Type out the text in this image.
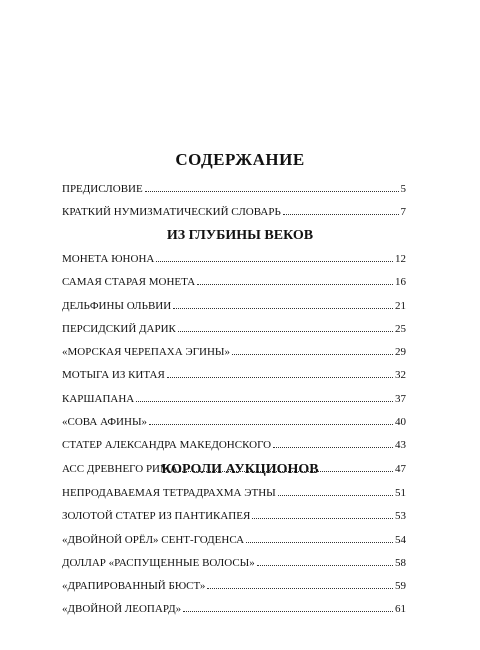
СОДЕРЖАНИЕ
ПРЕДИСЛОВИЕ	5
КРАТКИЙ НУМИЗМАТИЧЕСКИЙ СЛОВАРЬ	7
ИЗ ГЛУБИНЫ ВЕКОВ
МОНЕТА ЮНОНА	12
САМАЯ СТАРАЯ МОНЕТА	16
ДЕЛЬФИНЫ ОЛЬВИИ	21
ПЕРСИДСКИЙ ДАРИК	25
«МОРСКАЯ ЧЕРЕПАХА ЭГИНЫ»	29
МОТЫГА ИЗ КИТАЯ	32
КАРШАПАНА	37
«СОВА АФИНЫ»	40
СТАТЕР АЛЕКСАНДРА МАКЕДОНСКОГО	43
АСС ДРЕВНЕГО РИМА	47
КОРОЛИ АУКЦИОНОВ
НЕПРОДАВАЕМАЯ ТЕТРАДРАХМА ЭТНЫ	51
ЗОЛОТОЙ СТАТЕР ИЗ ПАНТИКАПЕЯ	53
«ДВОЙНОЙ ОРЁЛ» СЕНТ-ГОДЕНСА	54
ДОЛЛАР «РАСПУЩЕННЫЕ ВОЛОСЫ»	58
«ДРАПИРОВАННЫЙ БЮСТ»	59
«ДВОЙНОЙ ЛЕОПАРД»	61
